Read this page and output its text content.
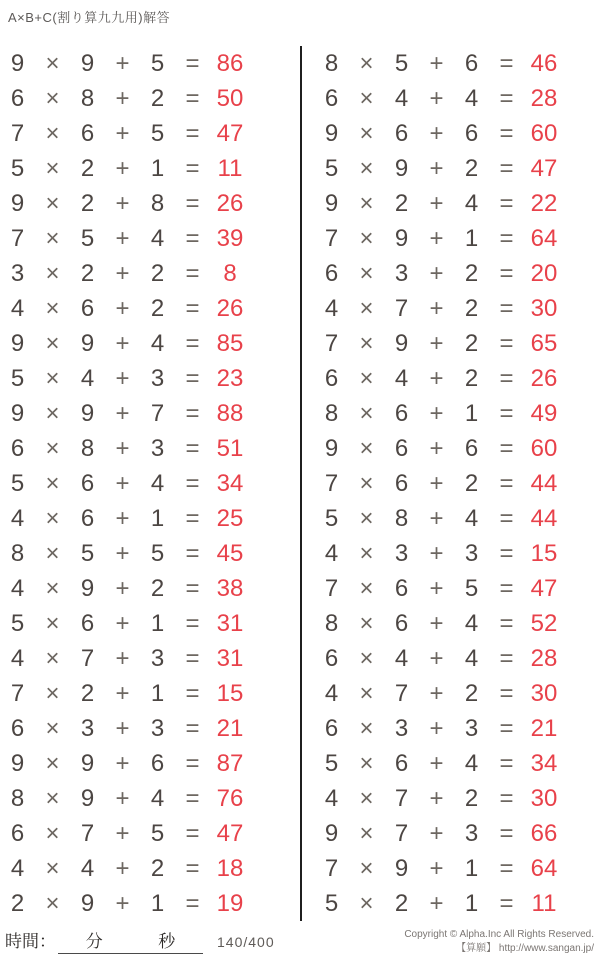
A×B+C(割り算九九用)解答
9 × 9 + 5 = 86
6 × 8 + 2 = 50
7 × 6 + 5 = 47
5 × 2 + 1 = 11
9 × 2 + 8 = 26
7 × 5 + 4 = 39
3 × 2 + 2 = 8
4 × 6 + 2 = 26
9 × 9 + 4 = 85
5 × 4 + 3 = 23
9 × 9 + 7 = 88
6 × 8 + 3 = 51
5 × 6 + 4 = 34
4 × 6 + 1 = 25
8 × 5 + 5 = 45
4 × 9 + 2 = 38
5 × 6 + 1 = 31
4 × 7 + 3 = 31
7 × 2 + 1 = 15
6 × 3 + 3 = 21
9 × 9 + 6 = 87
8 × 9 + 4 = 76
6 × 7 + 5 = 47
4 × 4 + 2 = 18
2 × 9 + 1 = 19
8 × 5 + 6 = 46
6 × 4 + 4 = 28
9 × 6 + 6 = 60
5 × 9 + 2 = 47
9 × 2 + 4 = 22
7 × 9 + 1 = 64
6 × 3 + 2 = 20
4 × 7 + 2 = 30
7 × 9 + 2 = 65
6 × 4 + 2 = 26
8 × 6 + 1 = 49
9 × 6 + 6 = 60
7 × 6 + 2 = 44
5 × 8 + 4 = 44
4 × 3 + 3 = 15
7 × 6 + 5 = 47
8 × 6 + 4 = 52
6 × 4 + 4 = 28
4 × 7 + 2 = 30
6 × 3 + 3 = 21
5 × 6 + 4 = 34
4 × 7 + 2 = 30
9 × 7 + 3 = 66
7 × 9 + 1 = 64
5 × 2 + 1 = 11
時間： 分	秒	140/400	Copyright © Alpha.Inc All Rights Reserved.
【算願】 http://www.sangan.jp/
